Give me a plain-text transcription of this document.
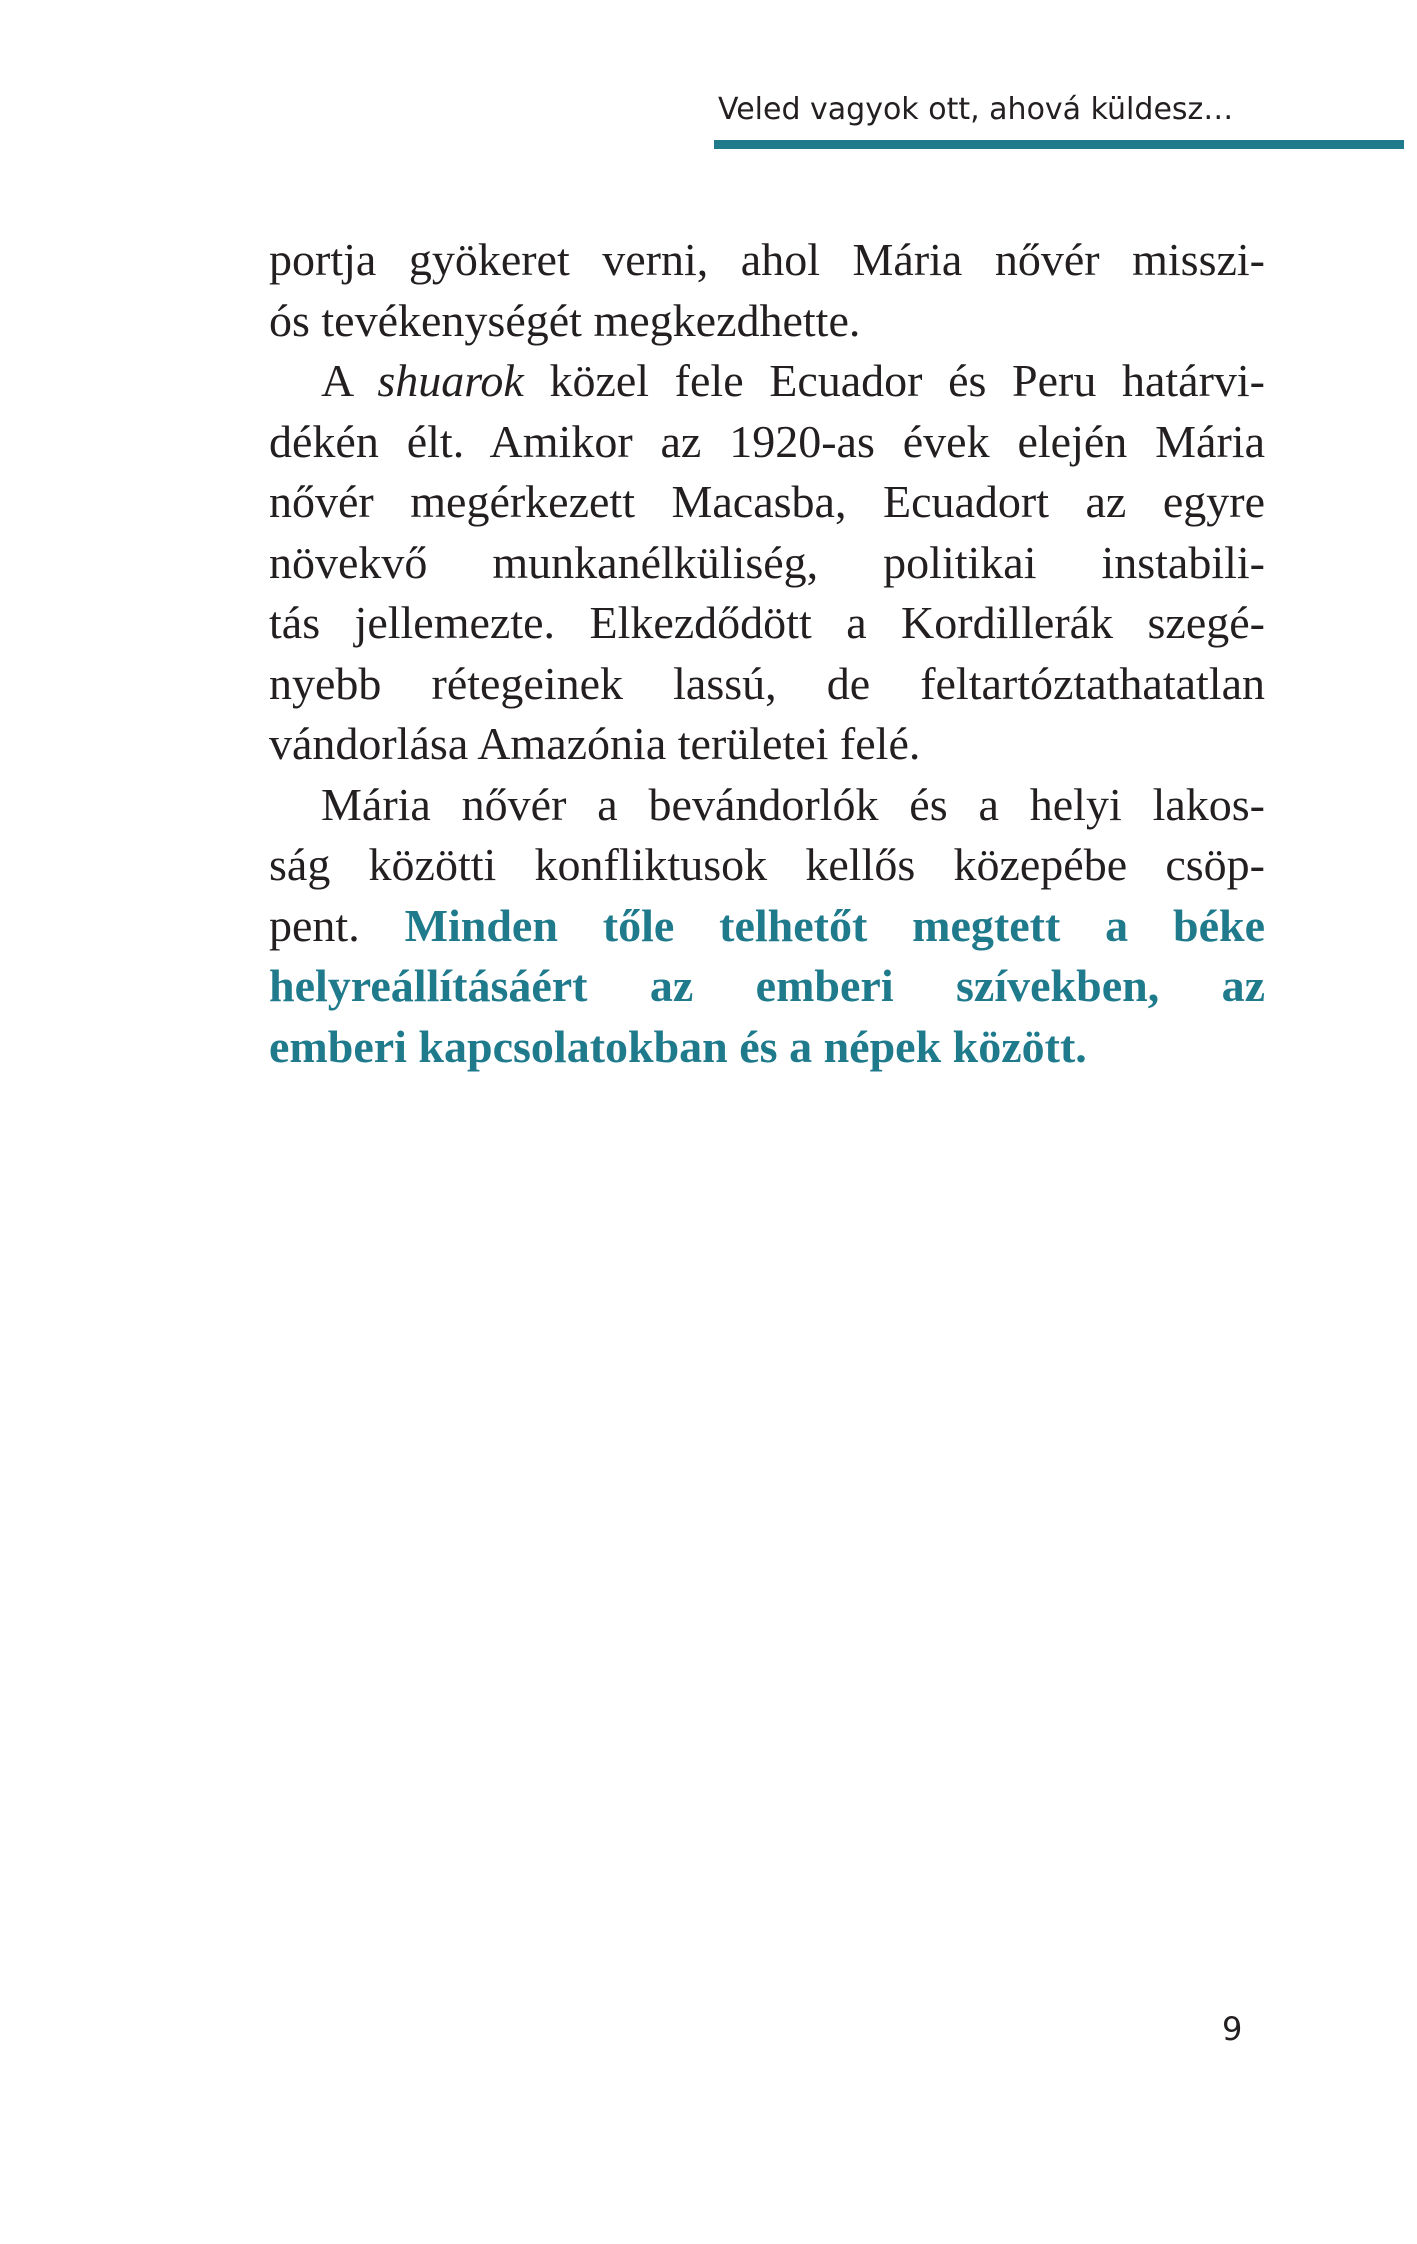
Veled vagyok ott, ahová küldesz…
portja gyökeret verni, ahol Mária nővér misszi-
ós tevékenységét megkezdhette.
A shuarok közel fele Ecuador és Peru határvi-
dékén élt. Amikor az 1920-as évek elején Mária
nővér megérkezett Macasba, Ecuadort az egyre
növekvő munkanélküliség, politikai instabili-
tás jellemezte. Elkezdődött a Kordillerák szegé-
nyebb rétegeinek lassú, de feltartóztathatatlan
vándorlása Amazónia területei felé.
Mária nővér a bevándorlók és a helyi lakos-
ság közötti konfliktusok kellős közepébe csöp-
pent. Minden tőle telhetőt megtett a béke
helyreállításáért az emberi szívekben, az
emberi kapcsolatokban és a népek között.
9
